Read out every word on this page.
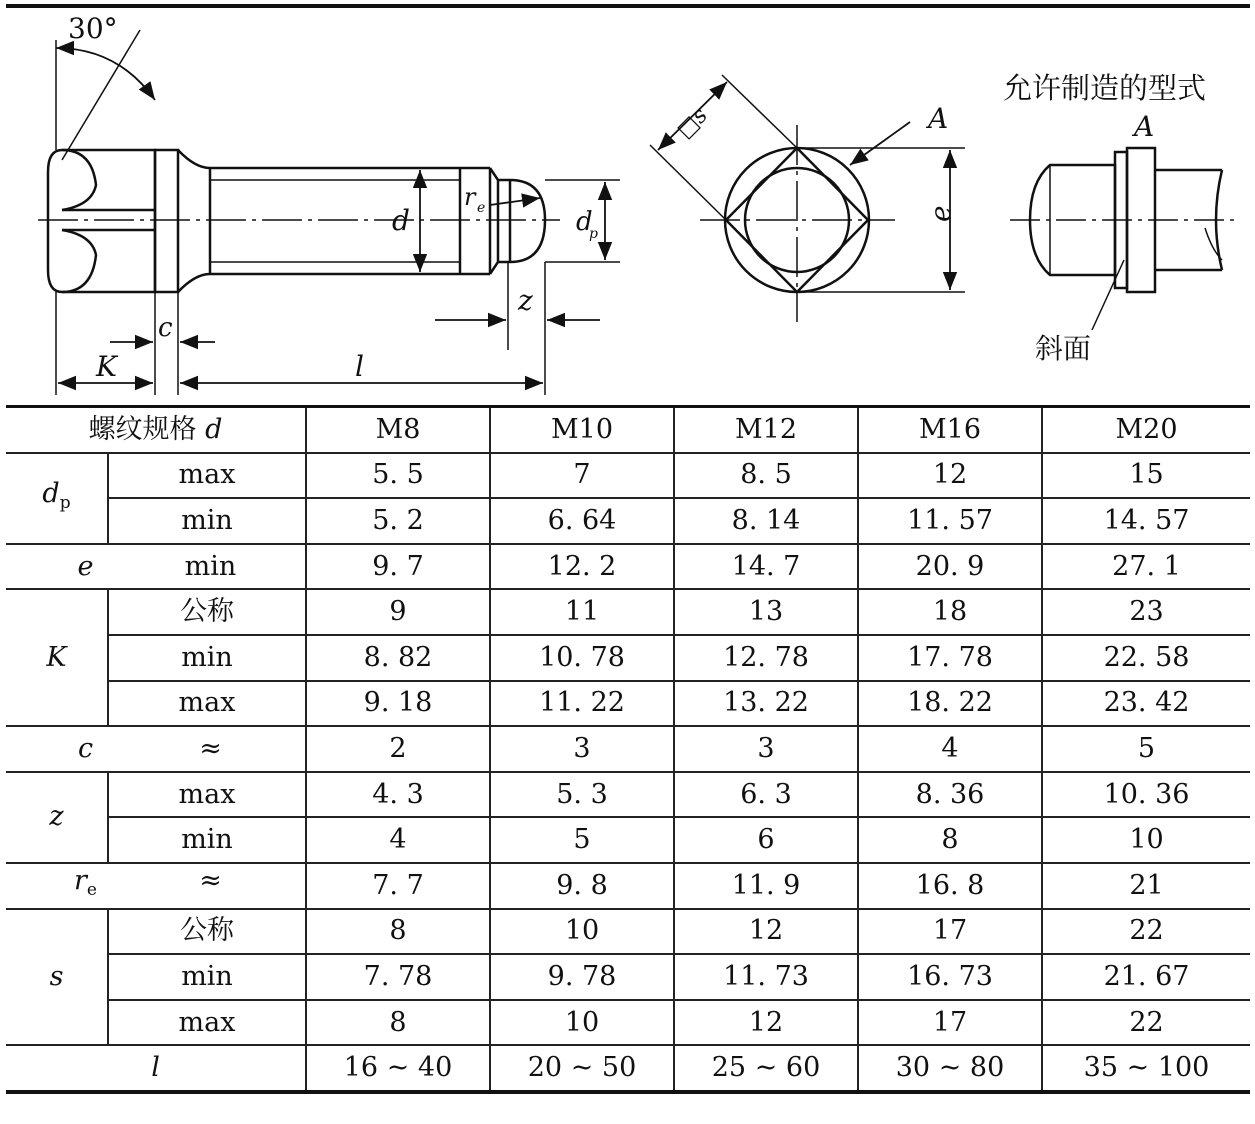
30°
d
r e	d
p
z
c
K	l
□s	A
e
允许制造的型式
A
斜面
螺纹规格 d		M8	M10	M12	M16	M20
$d_p$	max	5. 5	7	8. 5	12	15
	min	5. 2	6. 64	8. 14	11. 57	14. 57
e min		9. 7	12. 2	14. 7	20. 9	27. 1
K	公称	9	11	13	18	23
	min	8. 82	10. 78	12. 78	17. 78	22. 58
	max	9. 18	11. 22	13. 22	18. 22	23. 42
c ≈		2	3	3	4	5
z	max	4. 3	5. 3	6. 3	8. 36	10. 36
	min	4	5	6	8	10
$r_e$ ≈		7. 7	9. 8	11. 9	16. 8	21
s	公称	8	10	12	17	22
	min	7. 78	9. 78	11. 73	16. 73	21. 67
	max	8	10	12	17	22
l		16 ~ 40	20 ~ 50	25 ~ 60	30 ~ 80	35 ~ 100
